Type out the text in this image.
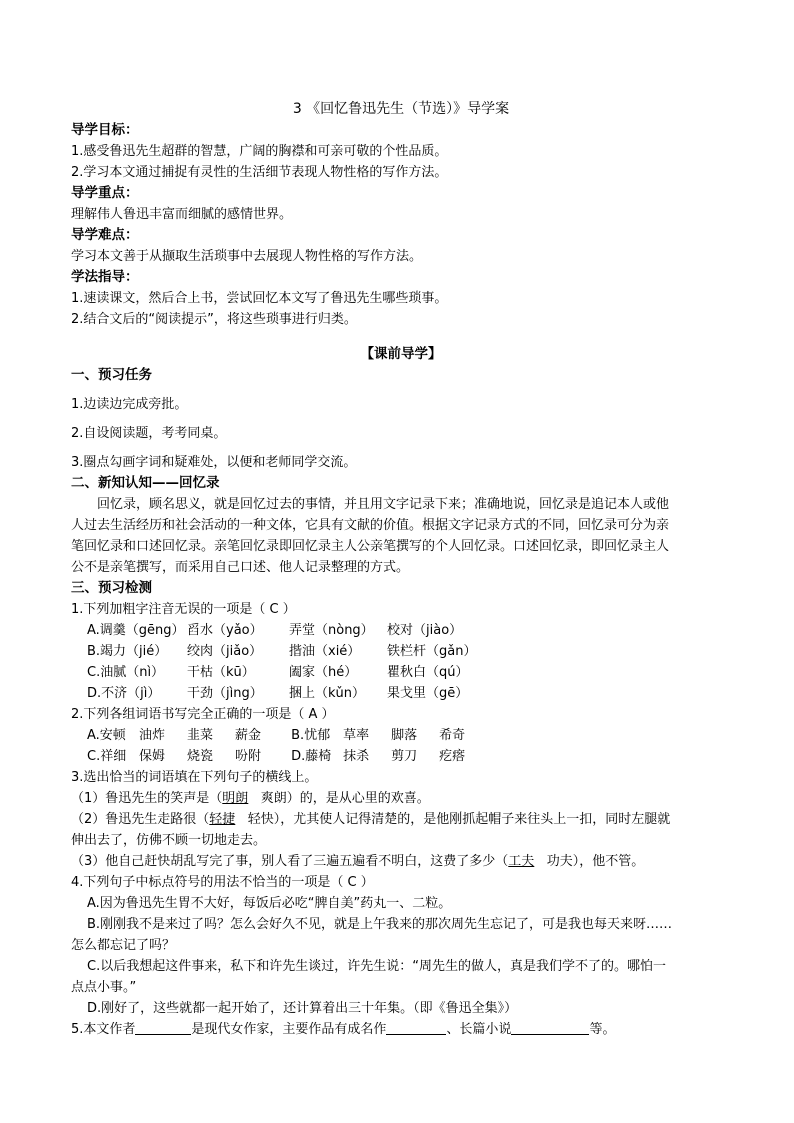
3 《回忆鲁迅先生（节选）》导学案
导学目标：
1.感受鲁迅先生超群的智慧，广阔的胸襟和可亲可敬的个性品质。
2.学习本文通过捕捉有灵性的生活细节表现人物性格的写作方法。
导学重点：
理解伟人鲁迅丰富而细腻的感情世界。
导学难点：
学习本文善于从撷取生活琐事中去展现人物性格的写作方法。
学法指导：
1.速读课文，然后合上书，尝试回忆本文写了鲁迅先生哪些琐事。
2.结合文后的“阅读提示”，将这些琐事进行归类。
【课前导学】
一、预习任务
1.边读边完成旁批。
2.自设阅读题，考考同桌。
3.圈点勾画字词和疑难处，以便和老师同学交流。
二、新知认知——回忆录
回忆录，顾名思义，就是回忆过去的事情，并且用文字记录下来；准确地说，回忆录是追记本人或他
人过去生活经历和社会活动的一种文体，它具有文献的价值。根据文字记录方式的不同，回忆录可分为亲
笔回忆录和口述回忆录。亲笔回忆录即回忆录主人公亲笔撰写的个人回忆录。口述回忆录，即回忆录主人
公不是亲笔撰写，而采用自己口述、他人记录整理的方式。
三、预习检测
1.下列加粗字注音无误的一项是（ C ）
A.调羹（gēng） 舀水（yǎo）	弄堂（nòng）	校对（jiào）
B.竭力（jié）	绞肉（jiǎo）	揩油（xié）	铁栏杆（gǎn）
C.油腻（nì）	干枯（kū）	阖家（hé）	瞿秋白（qú）
D.不济（jì）	干劲（jìng）	捆上（kǔn）	果戈里（gē）
2.下列各组词语书写完全正确的一项是（ A ）
A.安顿 油炸 韭菜 薪金 B.忧郁 草率 脚落 希奇
C.祥细 保姆 烧瓷 吩附 D.藤椅 抹杀 剪刀 疙瘩
3.选出恰当的词语填在下列句子的横线上。
（1）鲁迅先生的笑声是（明朗 爽朗）的，是从心里的欢喜。
（2）鲁迅先生走路很（轻捷 轻快），尤其使人记得清楚的，是他刚抓起帽子来往头上一扣，同时左腿就
伸出去了，仿佛不顾一切地走去。
（3）他自己赶快胡乱写完了事，别人看了三遍五遍看不明白，这费了多少（工夫 功夫），他不管。
4.下列句子中标点符号的用法不恰当的一项是（ C ）
A.因为鲁迅先生胃不大好，每饭后必吃“脾自美”药丸一、二粒。
B.刚刚我不是来过了吗？怎么会好久不见，就是上午我来的那次周先生忘记了，可是我也每天来呀……
怎么都忘记了吗？
C.以后我想起这件事来，私下和许先生谈过，许先生说：“周先生的做人，真是我们学不了的。哪怕一
点点小事。”
D.刚好了，这些就都一起开始了，还计算着出三十年集。（即《鲁迅全集》）
5.本文作者	是现代女作家，主要作品有成名作	、长篇小说	等。
